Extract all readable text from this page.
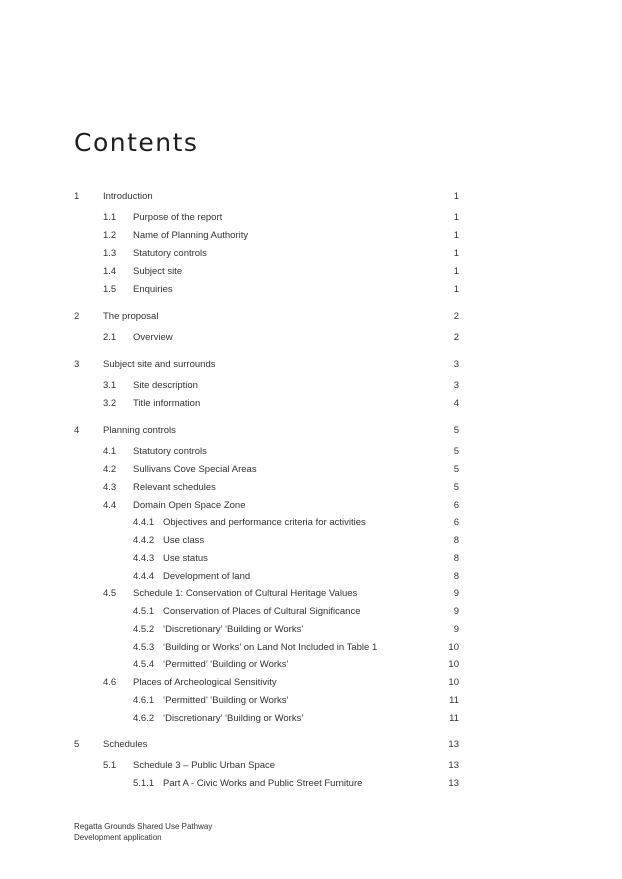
Contents
1 Introduction	1
1.1 Purpose of the report	1
1.2 Name of Planning Authority	1
1.3 Statutory controls	1
1.4 Subject site	1
1.5 Enquiries	1
2 The proposal	2
2.1 Overview	2
3 Subject site and surrounds	3
3.1 Site description	3
3.2 Title information	4
4 Planning controls	5
4.1 Statutory controls	5
4.2 Sullivans Cove Special Areas	5
4.3 Relevant schedules	5
4.4 Domain Open Space Zone	6
4.4.1 Objectives and performance criteria for activities	6
4.4.2 Use class	8
4.4.3 Use status	8
4.4.4 Development of land	8
4.5 Schedule 1: Conservation of Cultural Heritage Values	9
4.5.1 Conservation of Places of Cultural Significance	9
4.5.2 ‘Discretionary’ ‘Building or Works’	9
4.5.3 ‘Building or Works’ on Land Not Included in Table 1	10
4.5.4 ‘Permitted’ ‘Building or Works’	10
4.6 Places of Archeological Sensitivity	10
4.6.1 ‘Permitted’ ‘Building or Works’	11
4.6.2 ‘Discretionary’ ‘Building or Works’	11
5 Schedules	13
5.1 Schedule 3 – Public Urban Space	13
5.1.1 Part A - Civic Works and Public Street Furniture	13
Regatta Grounds Shared Use Pathway
Development application
